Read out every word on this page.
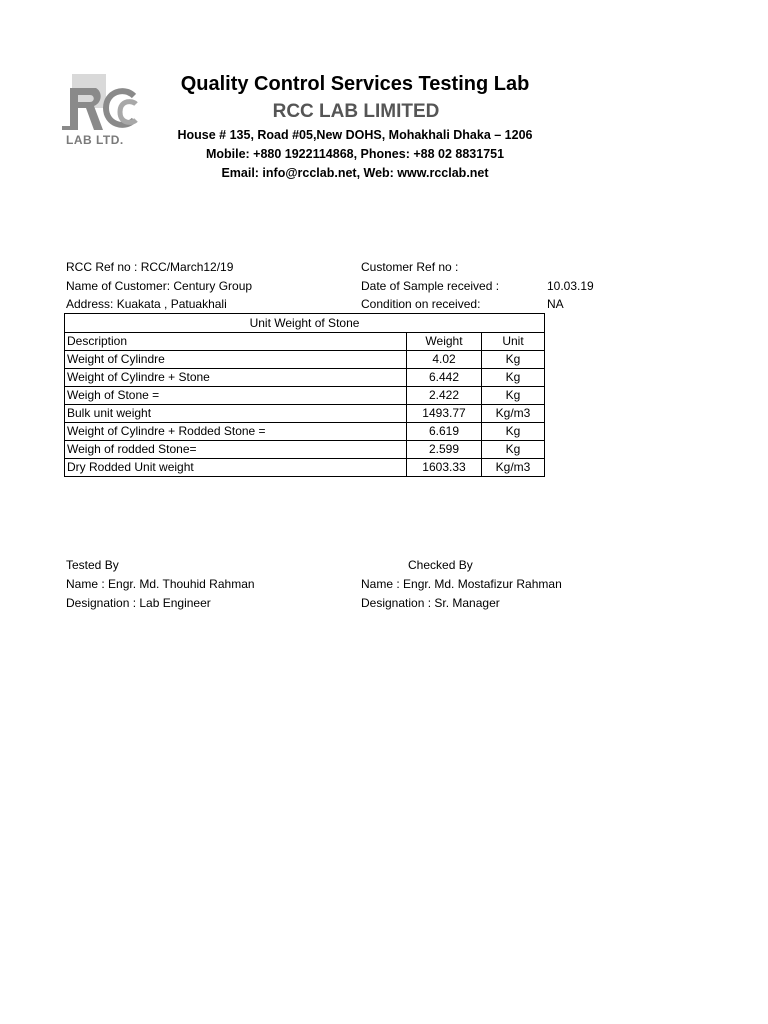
LAB LTD.
Quality Control Services Testing Lab
RCC LAB LIMITED
House # 135, Road #05,New DOHS, Mohakhali Dhaka – 1206
Mobile: +880 1922114868, Phones: +88 02 8831751
Email: info@rcclab.net, Web: www.rcclab.net
RCC Ref no : RCC/March12/19
Name of Customer: Century Group
Address: Kuakata , Patuakhali
Customer Ref no :
Date of Sample received :	10.03.19
Condition on received:	NA
Unit Weight of Stone		
Description	Weight	Unit
Weight of Cylindre	4.02	Kg
Weight of Cylindre + Stone	6.442	Kg
Weigh of Stone =	2.422	Kg
Bulk unit weight	1493.77	Kg/m3
Weight of Cylindre + Rodded Stone =	6.619	Kg
Weigh of rodded Stone=	2.599	Kg
Dry Rodded Unit weight	1603.33	Kg/m3
Tested By
Name : Engr. Md. Thouhid Rahman
Designation : Lab Engineer
Checked By
Name : Engr. Md. Mostafizur Rahman
Designation : Sr. Manager
